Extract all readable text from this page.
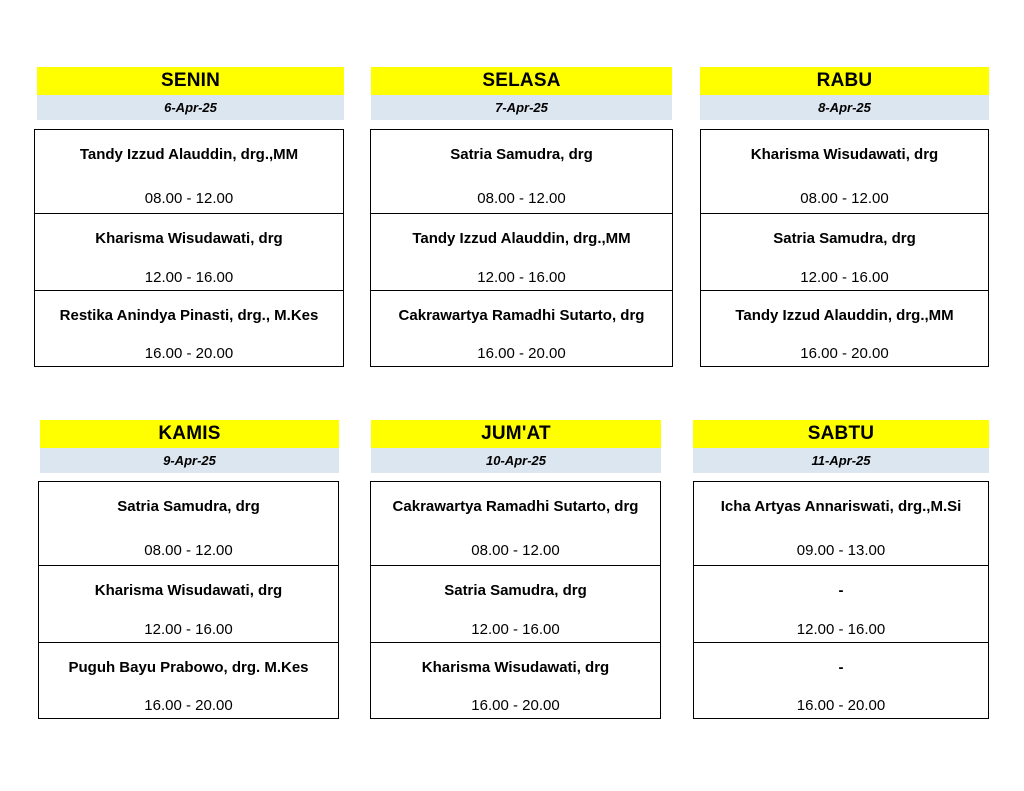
SENIN
6-Apr-25
Tandy Izzud Alauddin, drg.,MM
08.00 - 12.00
Kharisma Wisudawati, drg
12.00 - 16.00
Restika Anindya Pinasti, drg., M.Kes
16.00 - 20.00
SELASA
7-Apr-25
Satria Samudra, drg
08.00 - 12.00
Tandy Izzud Alauddin, drg.,MM
12.00 - 16.00
Cakrawartya Ramadhi Sutarto, drg
16.00 - 20.00
RABU
8-Apr-25
Kharisma Wisudawati, drg
08.00 - 12.00
Satria Samudra, drg
12.00 - 16.00
Tandy Izzud Alauddin, drg.,MM
16.00 - 20.00
KAMIS
9-Apr-25
Satria Samudra, drg
08.00 - 12.00
Kharisma Wisudawati, drg
12.00 - 16.00
Puguh Bayu Prabowo, drg. M.Kes
16.00 - 20.00
JUM'AT
10-Apr-25
Cakrawartya Ramadhi Sutarto, drg
08.00 - 12.00
Satria Samudra, drg
12.00 - 16.00
Kharisma Wisudawati, drg
16.00 - 20.00
SABTU
11-Apr-25
Icha Artyas Annariswati, drg.,M.Si
09.00 - 13.00
-
12.00 - 16.00
-
16.00 - 20.00
